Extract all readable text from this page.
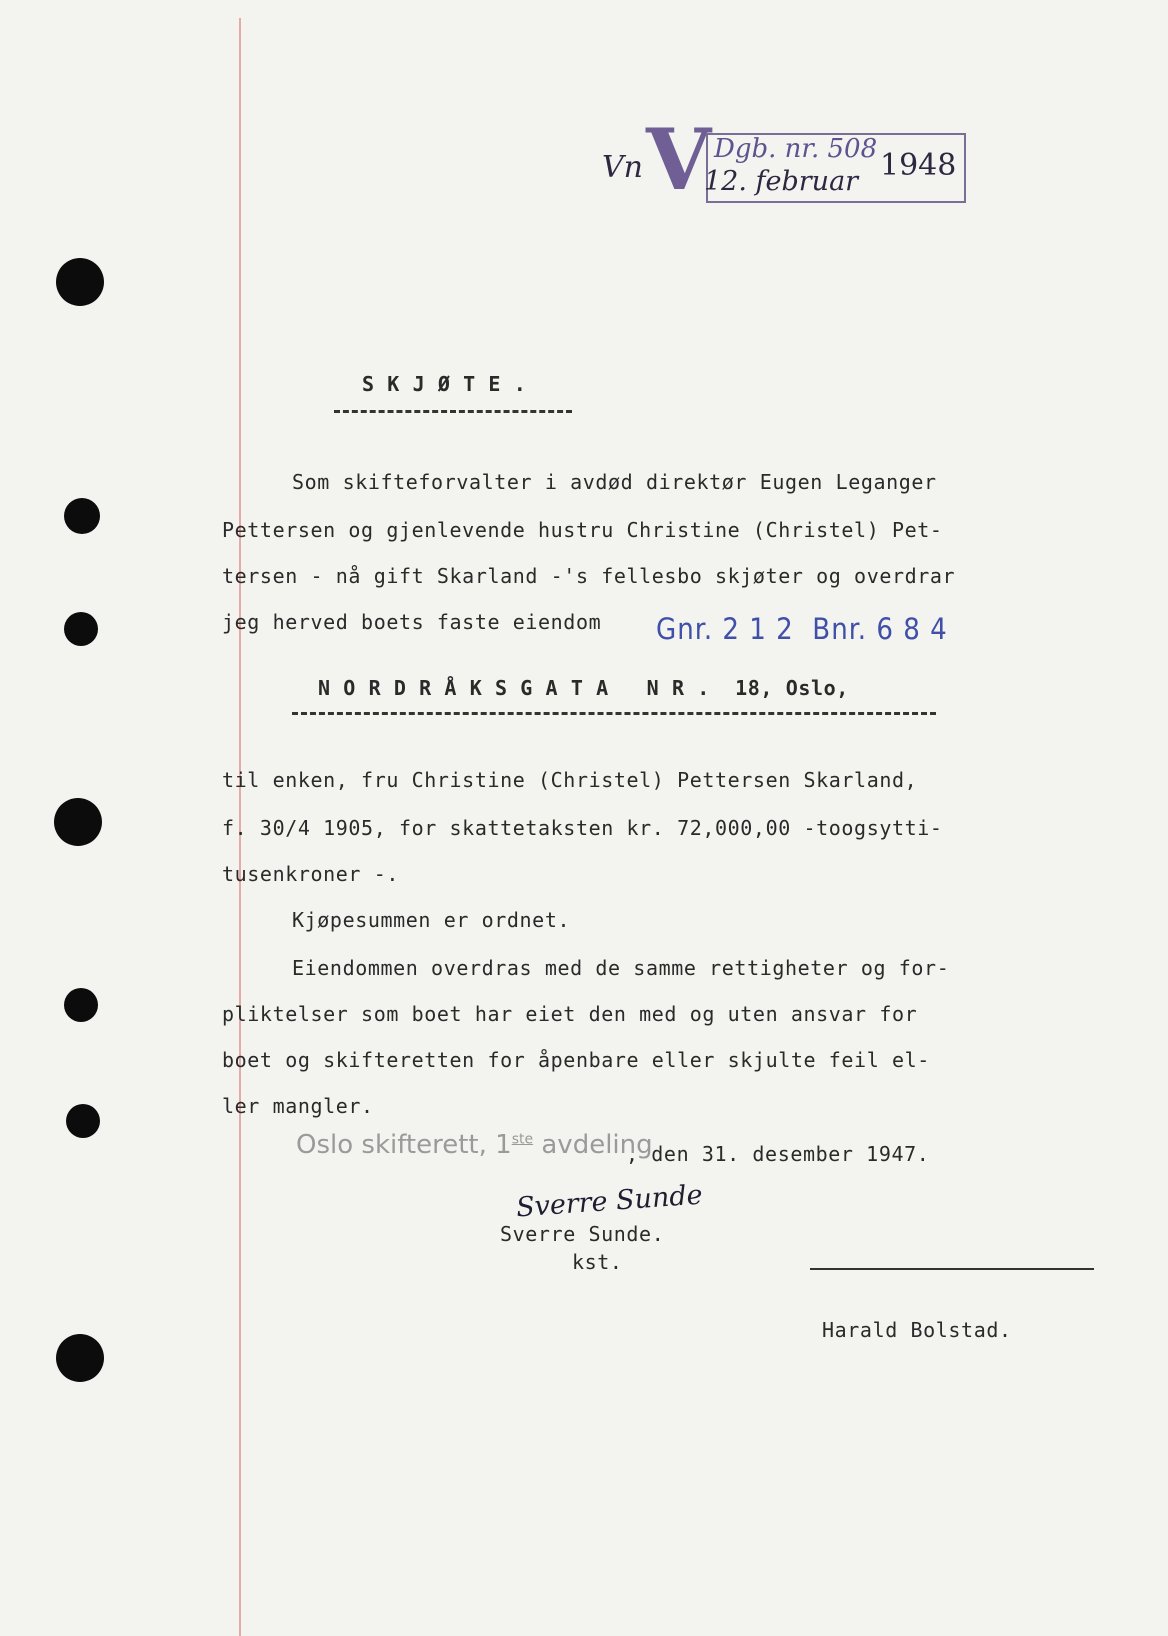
Vn V Dgb. nr. 508
12. februar 1948
S K J Ø T E .
Som skifteforvalter i avdød direktør Eugen Leganger
Pettersen og gjenlevende hustru Christine (Christel) Pet-
tersen - nå gift Skarland -'s fellesbo skjøter og overdrar
jeg herved boets faste eiendom Gnr. 2 1 2  Bnr. 6 8 4
N O R D R Å K S G A T A   N R .  18, Oslo,
til enken, fru Christine (Christel) Pettersen Skarland,
f. 30/4 1905, for skattetaksten kr. 72,000,00 -toogsytti-
tusenkroner -.
Kjøpesummen er ordnet.
Eiendommen overdras med de samme rettigheter og for-
pliktelser som boet har eiet den med og uten ansvar for
boet og skifteretten for åpenbare eller skjulte feil el-
ler mangler.
Oslo skifterett, 1ste avdeling
, den 31. desember 1947.
Sverre Sunde
Sverre Sunde.
kst.
Harald Bolstad.
